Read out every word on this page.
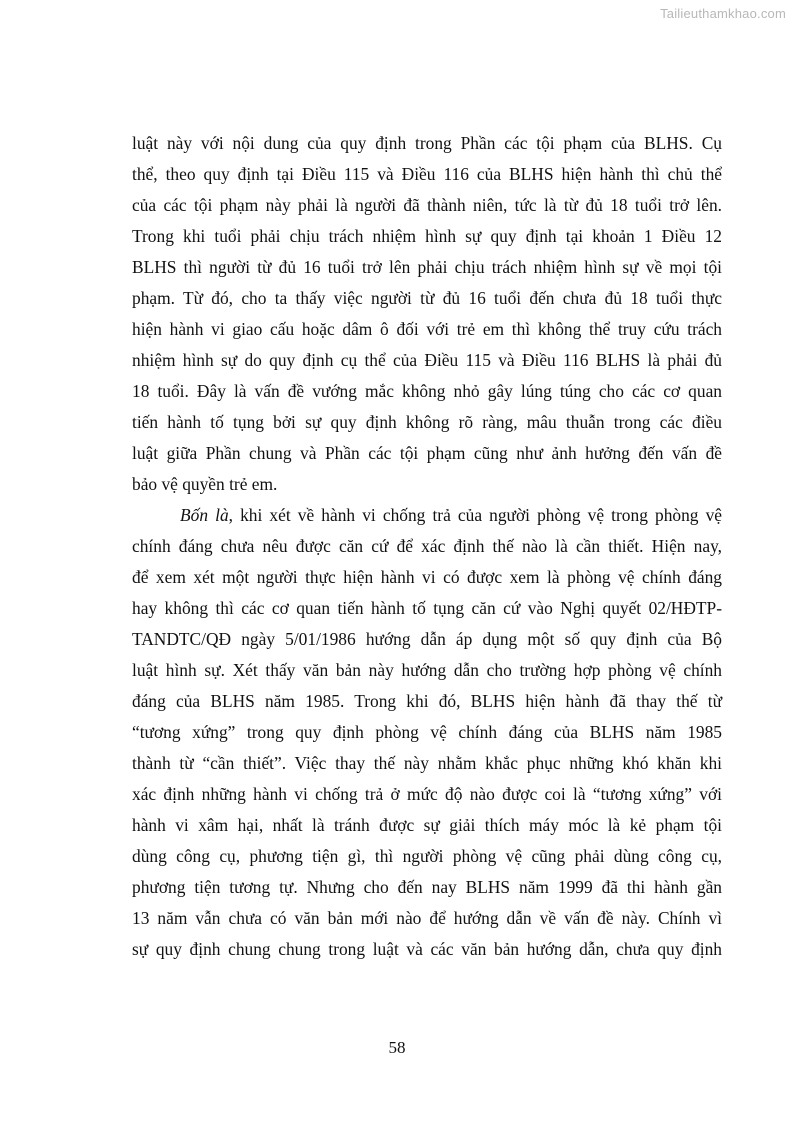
Tailieuthamkhao.com

luật này với nội dung của quy định trong Phần các tội phạm của BLHS. Cụ
thể, theo quy định tại Điều 115 và Điều 116 của BLHS hiện hành thì chủ thể
của các tội phạm này phải là người đã thành niên, tức là từ đủ 18 tuổi trở lên.
Trong khi tuổi phải chịu trách nhiệm hình sự quy định tại khoản 1 Điều 12
BLHS thì người từ đủ 16 tuổi trở lên phải chịu trách nhiệm hình sự về mọi tội
phạm. Từ đó, cho ta thấy việc người từ đủ 16 tuổi đến chưa đủ 18 tuổi thực
hiện hành vi giao cấu hoặc dâm ô đối với trẻ em thì không thể truy cứu trách
nhiệm hình sự do quy định cụ thể của Điều 115 và Điều 116 BLHS là phải đủ
18 tuổi. Đây là vấn đề vướng mắc không nhỏ gây lúng túng cho các cơ quan
tiến hành tố tụng bởi sự quy định không rõ ràng, mâu thuẫn trong các điều
luật giữa Phần chung và Phần các tội phạm cũng như ảnh hưởng đến vấn đề
bảo vệ quyền trẻ em.

Bốn là, khi xét về hành vi chống trả của người phòng vệ trong phòng vệ
chính đáng chưa nêu được căn cứ để xác định thế nào là cần thiết. Hiện nay,
để xem xét một người thực hiện hành vi có được xem là phòng vệ chính đáng
hay không thì các cơ quan tiến hành tố tụng căn cứ vào Nghị quyết 02/HĐTP-
TANDTC/QĐ ngày 5/01/1986 hướng dẫn áp dụng một số quy định của Bộ
luật hình sự. Xét thấy văn bản này hướng dẫn cho trường hợp phòng vệ chính
đáng của BLHS năm 1985. Trong khi đó, BLHS hiện hành đã thay thế từ
“tương xứng” trong quy định phòng vệ chính đáng của BLHS năm 1985
thành từ “cần thiết”. Việc thay thế này nhằm khắc phục những khó khăn khi
xác định những hành vi chống trả ở mức độ nào được coi là “tương xứng” với
hành vi xâm hại, nhất là tránh được sự giải thích máy móc là kẻ phạm tội
dùng công cụ, phương tiện gì, thì người phòng vệ cũng phải dùng công cụ,
phương tiện tương tự. Nhưng cho đến nay BLHS năm 1999 đã thi hành gần
13 năm vẫn chưa có văn bản mới nào để hướng dẫn về vấn đề này. Chính vì
sự quy định chung chung trong luật và các văn bản hướng dẫn, chưa quy định

58
